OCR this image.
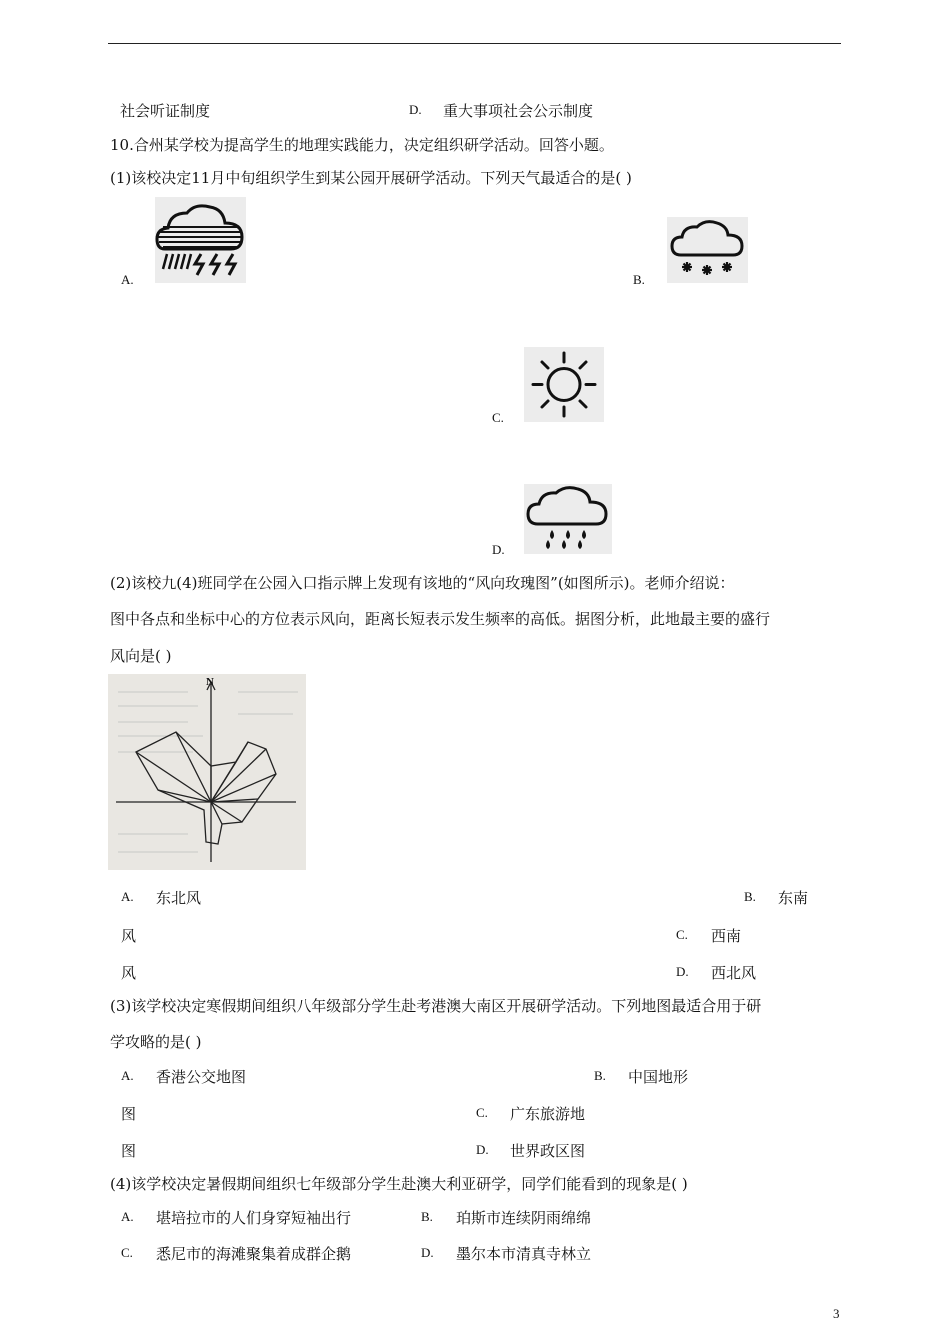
社会听证制度	D. 重大事项社会公示制度
10.合州某学校为提高学生的地理实践能力，决定组织研学活动。回答小题。
(1)该校决定11月中旬组织学生到某公园开展研学活动。下列天气最适合的是( )
A.	B.
C.
D.
(2)该校九(4)班同学在公园入口指示牌上发现有该地的“风向玫瑰图”(如图所示)。老师介绍说：
图中各点和坐标中心的方位表示风向，距离长短表示发生频率的高低。据图分析，此地最主要的盛行
风向是( )
N
A. 东北风	B. 东南
风	C. 西南
风	D. 西北风
(3)该学校决定寒假期间组织八年级部分学生赴考港澳大南区开展研学活动。下列地图最适合用于研
学攻略的是( )
A. 香港公交地图	B. 中国地形
图	C. 广东旅游地
图	D. 世界政区图
(4)该学校决定暑假期间组织七年级部分学生赴澳大利亚研学，同学们能看到的现象是( )
A. 堪培拉市的人们身穿短袖出行	B. 珀斯市连续阴雨绵绵
C. 悉尼市的海滩聚集着成群企鹅	D. 墨尔本市清真寺林立
3
